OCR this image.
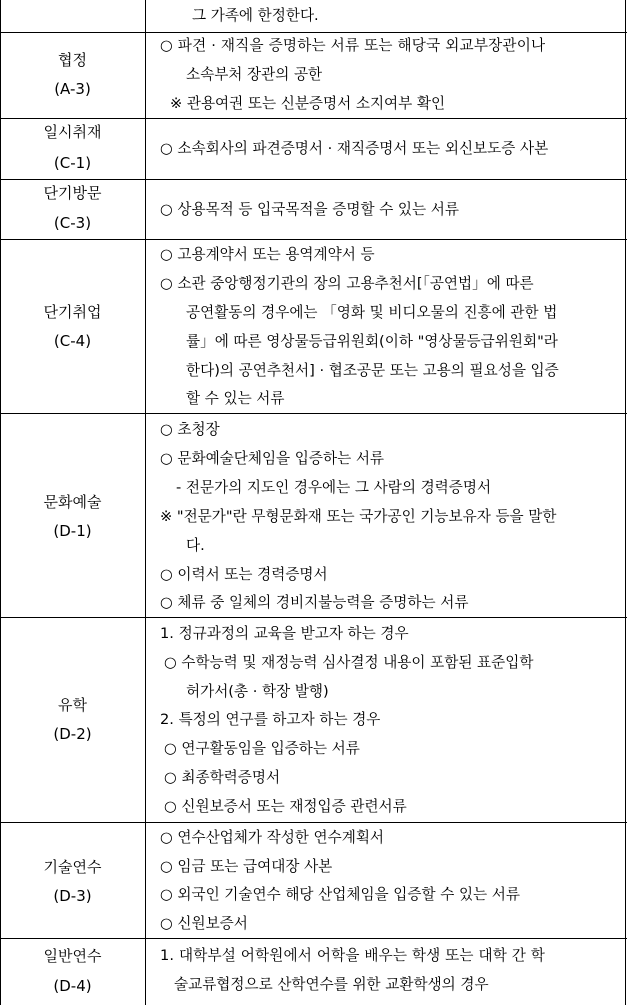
그 가족에 한정한다.
협정
(A-3)
○ 파견 · 재직을 증명하는 서류 또는 해당국 외교부장관이나
소속부처 장관의 공한
※ 관용여권 또는 신분증명서 소지여부 확인
일시취재
(C-1)
○ 소속회사의 파견증명서 · 재직증명서 또는 외신보도증 사본
단기방문
(C-3)
○ 상용목적 등 입국목적을 증명할 수 있는 서류
단기취업
(C-4)
○ 고용계약서 또는 용역계약서 등
○ 소관 중앙행정기관의 장의 고용추천서[「공연법」에 따른
공연활동의 경우에는 「영화 및 비디오물의 진흥에 관한 법
률」에 따른 영상물등급위원회(이하 "영상물등급위원회"라
한다)의 공연추천서] · 협조공문 또는 고용의 필요성을 입증
할 수 있는 서류
문화예술
(D-1)
○ 초청장
○ 문화예술단체임을 입증하는 서류
- 전문가의 지도인 경우에는 그 사람의 경력증명서
※ "전문가"란 무형문화재 또는 국가공인 기능보유자 등을 말한
다.
○ 이력서 또는 경력증명서
○ 체류 중 일체의 경비지불능력을 증명하는 서류
유학
(D-2)
1. 정규과정의 교육을 받고자 하는 경우
○ 수학능력 및 재정능력 심사결정 내용이 포함된 표준입학
허가서(총 · 학장 발행)
2. 특정의 연구를 하고자 하는 경우
○ 연구활동임을 입증하는 서류
○ 최종학력증명서
○ 신원보증서 또는 재정입증 관련서류
기술연수
(D-3)
○ 연수산업체가 작성한 연수계획서
○ 임금 또는 급여대장 사본
○ 외국인 기술연수 해당 산업체임을 입증할 수 있는 서류
○ 신원보증서
일반연수
(D-4)
1. 대학부설 어학원에서 어학을 배우는 학생 또는 대학 간 학
술교류협정으로 산학연수를 위한 교환학생의 경우
